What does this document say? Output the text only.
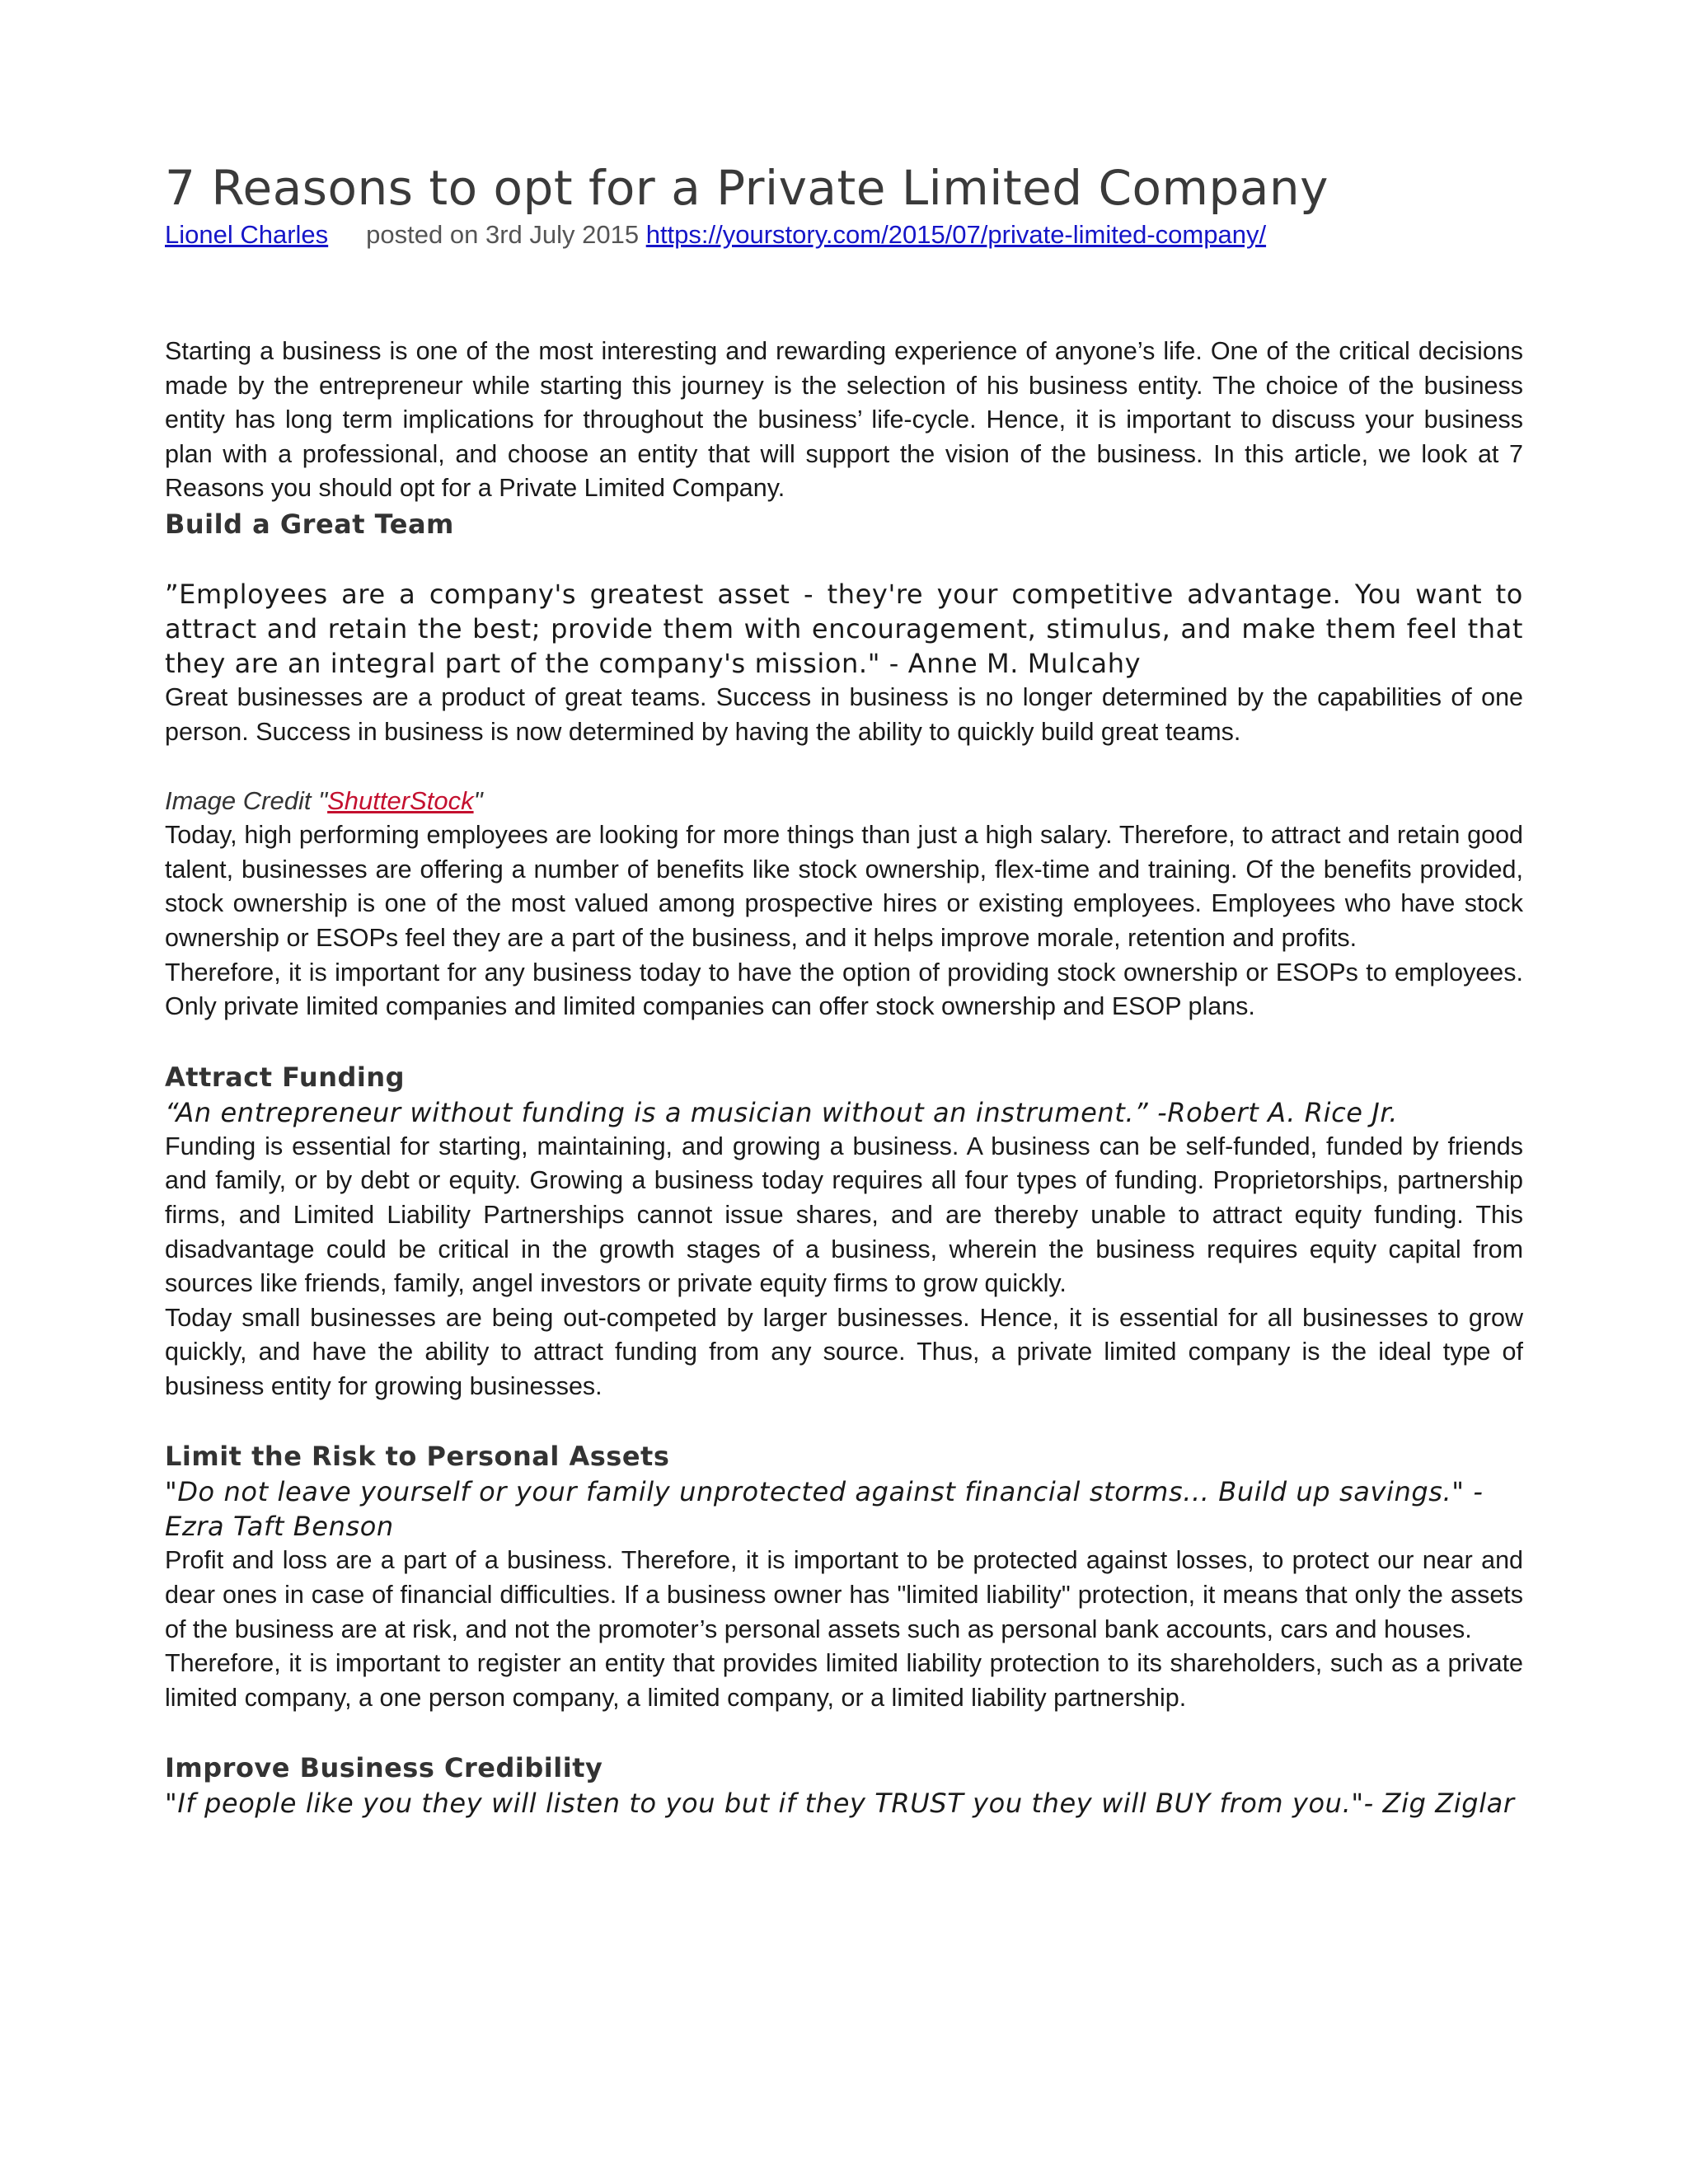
7 Reasons to opt for a Private Limited Company

Lionel Charles posted on 3rd July 2015 https://yourstory.com/2015/07/private-limited-company/

Starting a business is one of the most interesting and rewarding experience of anyone’s life. One of the critical decisions made by the entrepreneur while starting this journey is the selection of his business entity. The choice of the business entity has long term implications for throughout the business’ life-cycle. Hence, it is important to discuss your business plan with a professional, and choose an entity that will support the vision of the business. In this article, we look at 7 Reasons you should opt for a Private Limited Company.

Build a Great Team

”Employees are a company's greatest asset - they're your competitive advantage. You want to attract and retain the best; provide them with encouragement, stimulus, and make them feel that they are an integral part of the company's mission." - Anne M. Mulcahy

Great businesses are a product of great teams. Success in business is no longer determined by the capabilities of one person. Success in business is now determined by having the ability to quickly build great teams.

Image Credit "ShutterStock"

Today, high performing employees are looking for more things than just a high salary. Therefore, to attract and retain good talent, businesses are offering a number of benefits like stock ownership, flex-time and training. Of the benefits provided, stock ownership is one of the most valued among prospective hires or existing employees. Employees who have stock ownership or ESOPs feel they are a part of the business, and it helps improve morale, retention and profits.

Therefore, it is important for any business today to have the option of providing stock ownership or ESOPs to employees. Only private limited companies and limited companies can offer stock ownership and ESOP plans.

Attract Funding

“An entrepreneur without funding is a musician without an instrument.” -Robert A. Rice Jr.

Funding is essential for starting, maintaining, and growing a business. A business can be self-funded, funded by friends and family, or by debt or equity. Growing a business today requires all four types of funding. Proprietorships, partnership firms, and Limited Liability Partnerships cannot issue shares, and are thereby unable to attract equity funding. This disadvantage could be critical in the growth stages of a business, wherein the business requires equity capital from sources like friends, family, angel investors or private equity firms to grow quickly.

Today small businesses are being out-competed by larger businesses. Hence, it is essential for all businesses to grow quickly, and have the ability to attract funding from any source. Thus, a private limited company is the ideal type of business entity for growing businesses.

Limit the Risk to Personal Assets

"Do not leave yourself or your family unprotected against financial storms... Build up savings." - Ezra Taft Benson

Profit and loss are a part of a business. Therefore, it is important to be protected against losses, to protect our near and dear ones in case of financial difficulties. If a business owner has "limited liability" protection, it means that only the assets of the business are at risk, and not the promoter’s personal assets such as personal bank accounts, cars and houses.

Therefore, it is important to register an entity that provides limited liability protection to its shareholders, such as a private limited company, a one person company, a limited company, or a limited liability partnership.

Improve Business Credibility

"If people like you they will listen to you but if they TRUST you they will BUY from you."- Zig Ziglar
